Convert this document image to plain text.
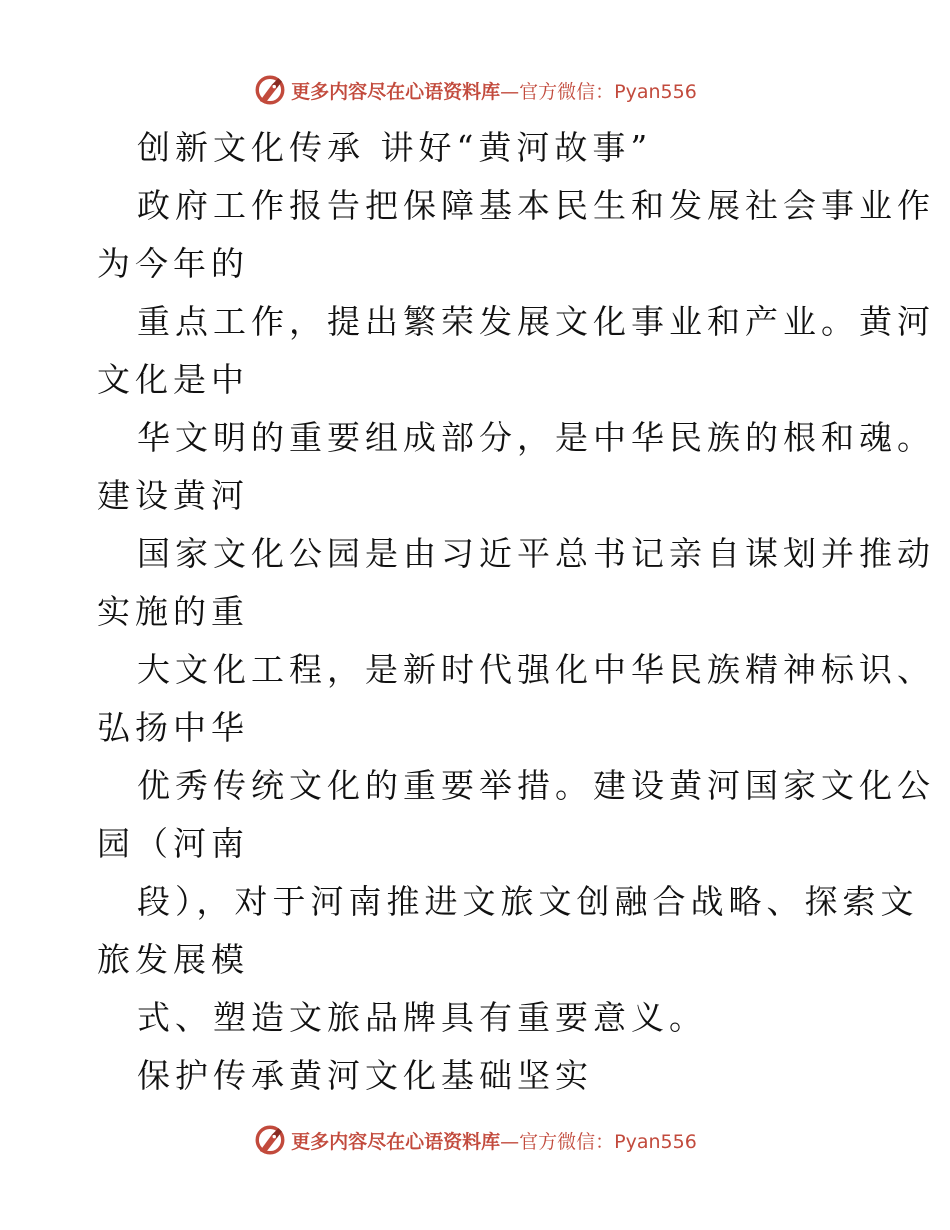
更多内容尽在心语资料库—官方微信：Pyan556
创新文化传承 讲好“黄河故事”
政府工作报告把保障基本民生和发展社会事业作
为今年的
重点工作，提出繁荣发展文化事业和产业。黄河
文化是中
华文明的重要组成部分，是中华民族的根和魂。
建设黄河
国家文化公园是由习近平总书记亲自谋划并推动
实施的重
大文化工程，是新时代强化中华民族精神标识、
弘扬中华
优秀传统文化的重要举措。建设黄河国家文化公
园（河南
段），对于河南推进文旅文创融合战略、探索文
旅发展模
式、塑造文旅品牌具有重要意义。
保护传承黄河文化基础坚实
更多内容尽在心语资料库—官方微信：Pyan556
